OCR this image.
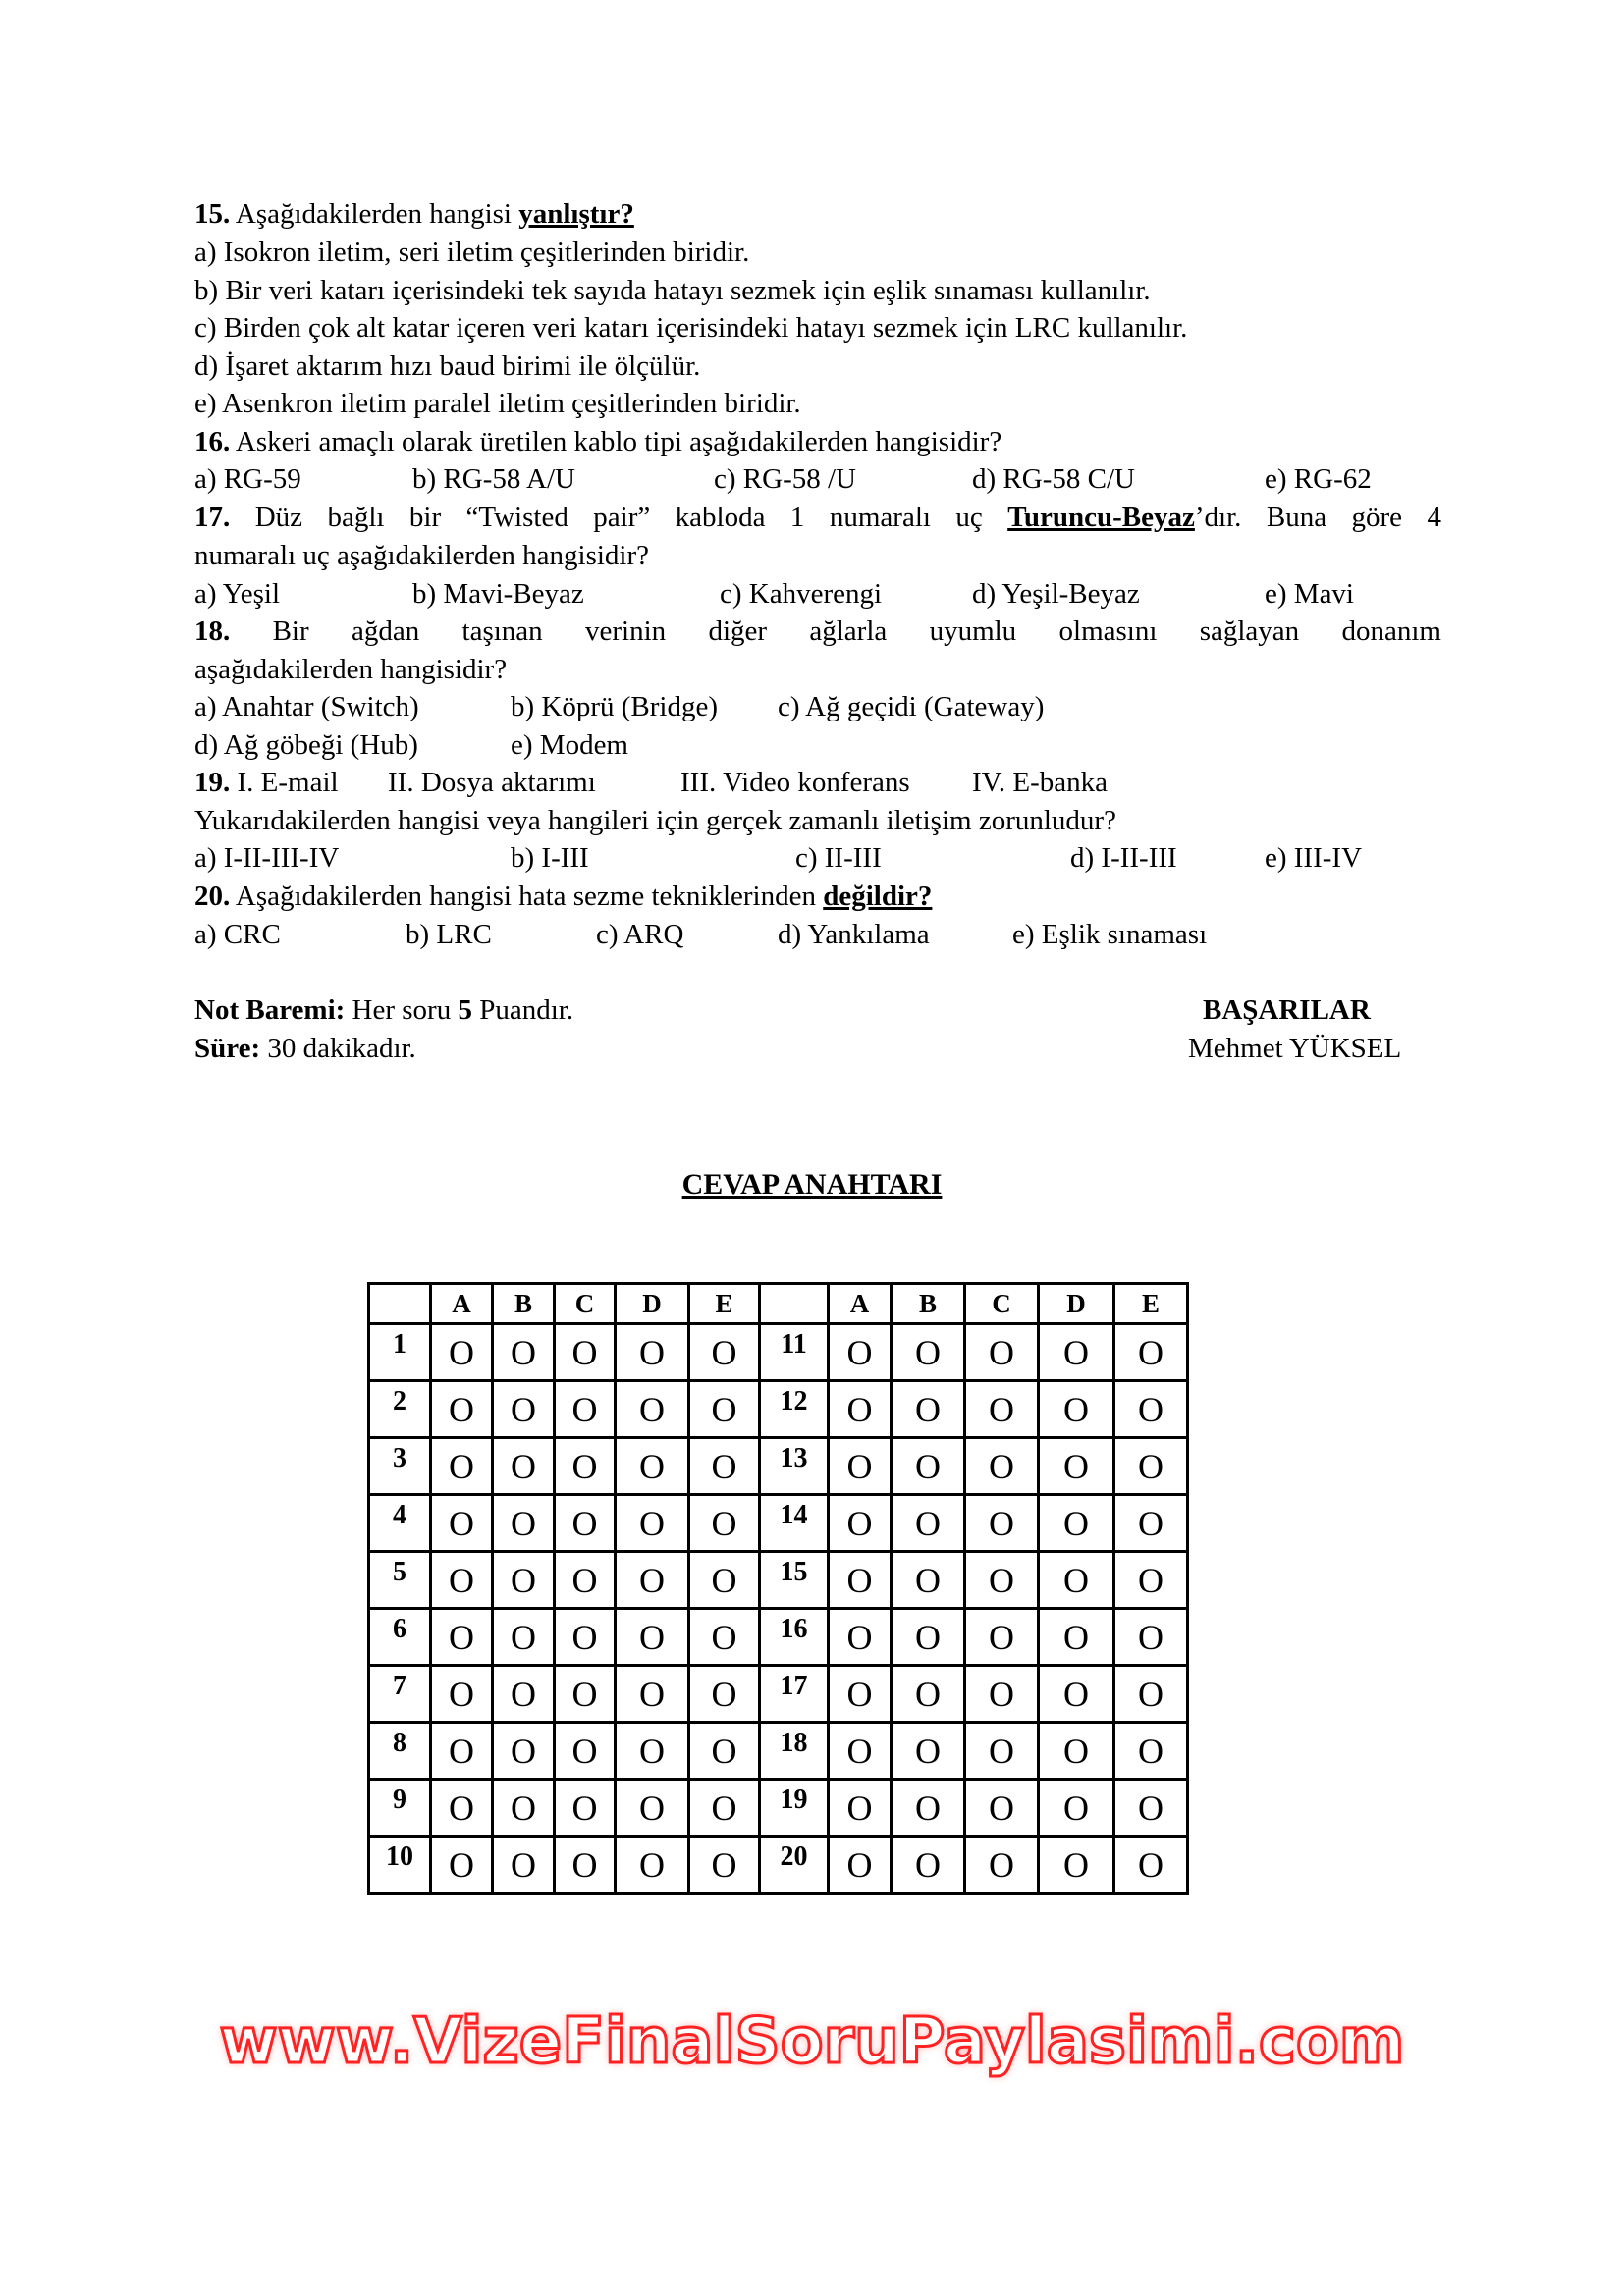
15. Aşağıdakilerden hangisi yanlıştır?
a) Isokron iletim, seri iletim çeşitlerinden biridir.
b) Bir veri katarı içerisindeki tek sayıda hatayı sezmek için eşlik sınaması kullanılır.
c) Birden çok alt katar içeren veri katarı içerisindeki hatayı sezmek için LRC kullanılır.
d) İşaret aktarım hızı baud birimi ile ölçülür.
e) Asenkron iletim paralel iletim çeşitlerinden biridir.
16. Askeri amaçlı olarak üretilen kablo tipi aşağıdakilerden hangisidir?
a) RG-59	b) RG-58 A/U	c) RG-58 /U	d) RG-58 C/U	e) RG-62
17. Düz bağlı bir “Twisted pair” kabloda 1 numaralı uç Turuncu-Beyaz’dır. Buna göre 4
numaralı uç aşağıdakilerden hangisidir?
a) Yeşil	b) Mavi-Beyaz	c) Kahverengi	d) Yeşil-Beyaz	e) Mavi
18. Bir ağdan taşınan verinin diğer ağlarla uyumlu olmasını sağlayan donanım
aşağıdakilerden hangisidir?
a) Anahtar (Switch)	b) Köprü (Bridge) c) Ağ geçidi (Gateway)
d) Ağ göbeği (Hub)	e) Modem
19. I. E-mail II. Dosya aktarımı	III. Video konferans IV. E-banka
Yukarıdakilerden hangisi veya hangileri için gerçek zamanlı iletişim zorunludur?
a) I-II-III-IV	b) I-III	c) II-III	d) I-II-III	e) III-IV
20. Aşağıdakilerden hangisi hata sezme tekniklerinden değildir?
a) CRC	b) LRC	c) ARQ	d) Yankılama	e) Eşlik sınaması
Not Baremi: Her soru 5 Puandır.	BAŞARILAR
Süre: 30 dakikadır.	Mehmet YÜKSEL
CEVAP ANAHTARI
	A	B	C	D	E		A	B	C	D	E
1	O	O	O	O	O	11	O	O	O	O	O
2	O	O	O	O	O	12	O	O	O	O	O
3	O	O	O	O	O	13	O	O	O	O	O
4	O	O	O	O	O	14	O	O	O	O	O
5	O	O	O	O	O	15	O	O	O	O	O
6	O	O	O	O	O	16	O	O	O	O	O
7	O	O	O	O	O	17	O	O	O	O	O
8	O	O	O	O	O	18	O	O	O	O	O
9	O	O	O	O	O	19	O	O	O	O	O
10	O	O	O	O	O	20	O	O	O	O	O
www.VizeFinalSoruPaylasimi.com
